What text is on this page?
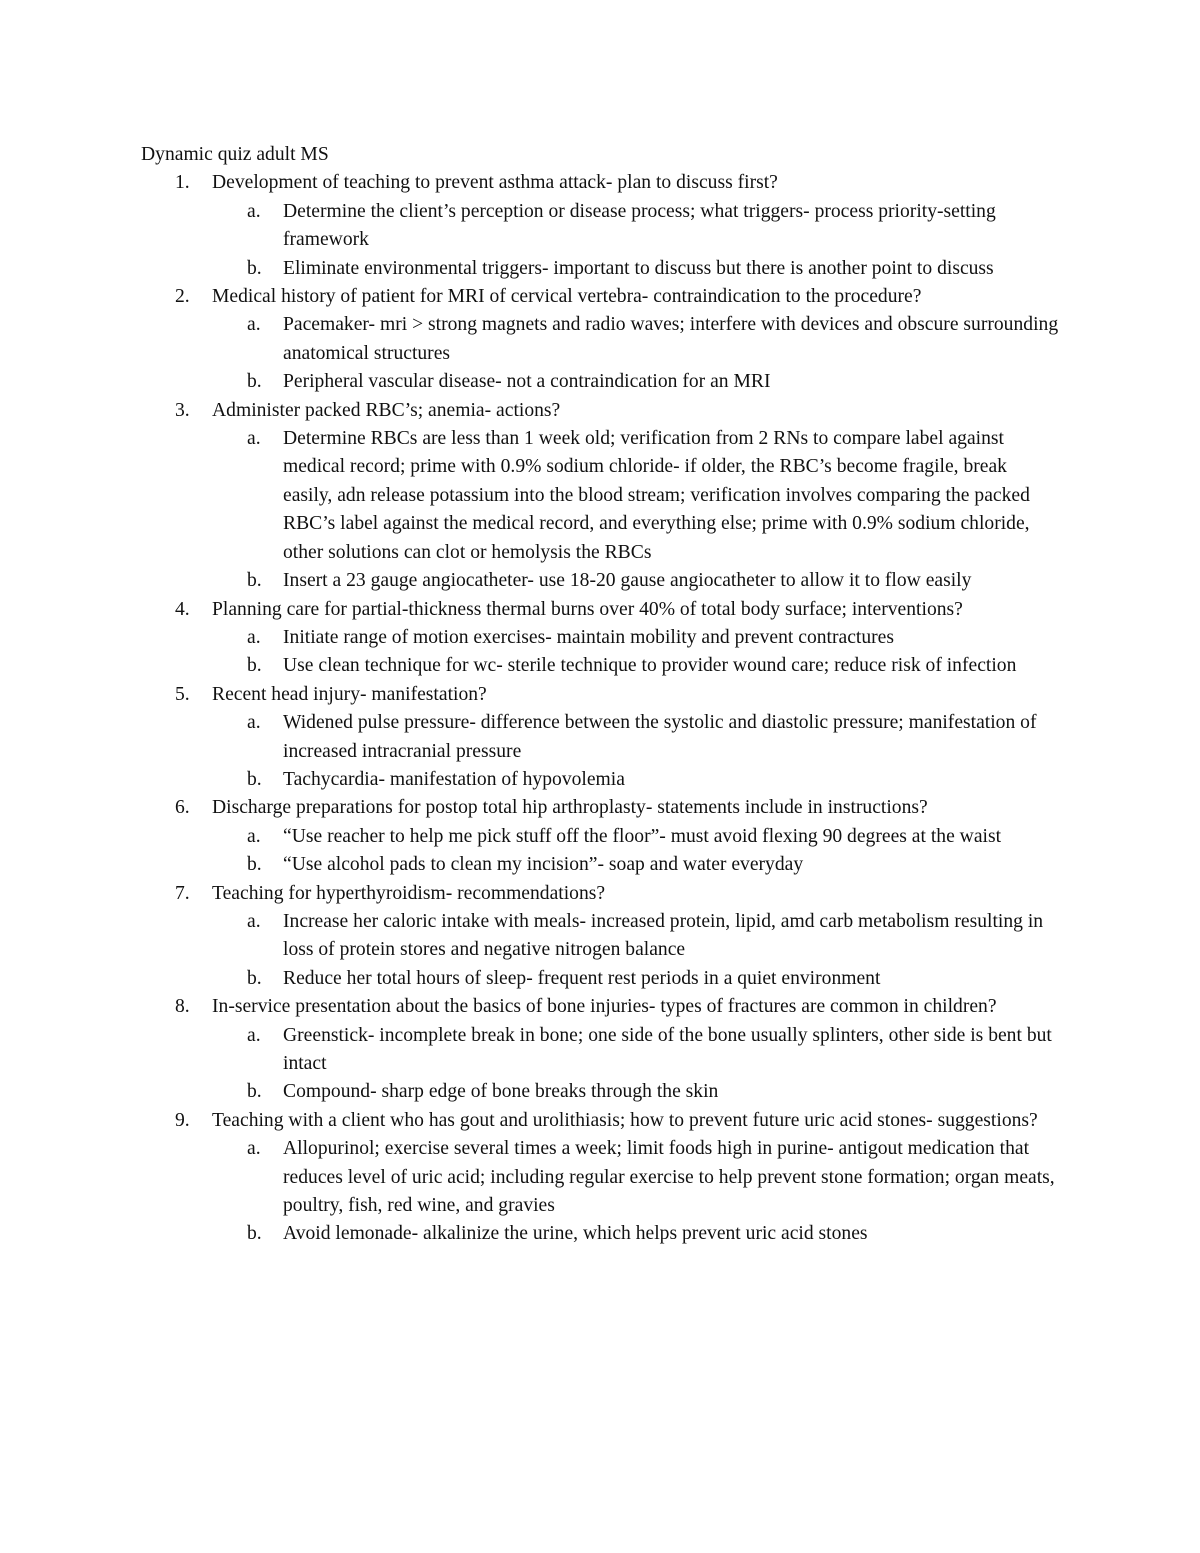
Dynamic quiz adult MS
1.	Development of teaching to prevent asthma attack- plan to discuss first?
a. Determine the client’s perception or disease process; what triggers- process priority-setting framework
b. Eliminate environmental triggers- important to discuss but there is another point to discuss
2.	Medical history of patient for MRI of cervical vertebra- contraindication to the procedure?
a. Pacemaker- mri > strong magnets and radio waves; interfere with devices and obscure surrounding anatomical structures
b. Peripheral vascular disease- not a contraindication for an MRI
3.	Administer packed RBC’s; anemia- actions?
a. Determine RBCs are less than 1 week old; verification from 2 RNs to compare label against medical record; prime with 0.9% sodium chloride- if older, the RBC’s become fragile, break easily, adn release potassium into the blood stream; verification involves comparing the packed RBC’s label against the medical record, and everything else; prime with 0.9% sodium chloride, other solutions can clot or hemolysis the RBCs
b. Insert a 23 gauge angiocatheter- use 18-20 gause angiocatheter to allow it to flow easily
4.	Planning care for partial-thickness thermal burns over 40% of total body surface; interventions?
a. Initiate range of motion exercises- maintain mobility and prevent contractures
b. Use clean technique for wc- sterile technique to provider wound care; reduce risk of infection
5.	Recent head injury- manifestation?
a. Widened pulse pressure- difference between the systolic and diastolic pressure; manifestation of increased intracranial pressure
b. Tachycardia- manifestation of hypovolemia
6.	Discharge preparations for postop total hip arthroplasty- statements include in instructions?
a. “Use reacher to help me pick stuff off the floor”- must avoid flexing 90 degrees at the waist
b. “Use alcohol pads to clean my incision”- soap and water everyday
7.	Teaching for hyperthyroidism- recommendations?
a. Increase her caloric intake with meals- increased protein, lipid, amd carb metabolism resulting in loss of protein stores and negative nitrogen balance
b. Reduce her total hours of sleep- frequent rest periods in a quiet environment
8.	In-service presentation about the basics of bone injuries- types of fractures are common in children?
a. Greenstick- incomplete break in bone; one side of the bone usually splinters, other side is bent but intact
b. Compound- sharp edge of bone breaks through the skin
9.	Teaching with a client who has gout and urolithiasis; how to prevent future uric acid stones- suggestions?
a. Allopurinol; exercise several times a week; limit foods high in purine- antigout medication that reduces level of uric acid; including regular exercise to help prevent stone formation; organ meats, poultry, fish, red wine, and gravies
b. Avoid lemonade- alkalinize the urine, which helps prevent uric acid stones
